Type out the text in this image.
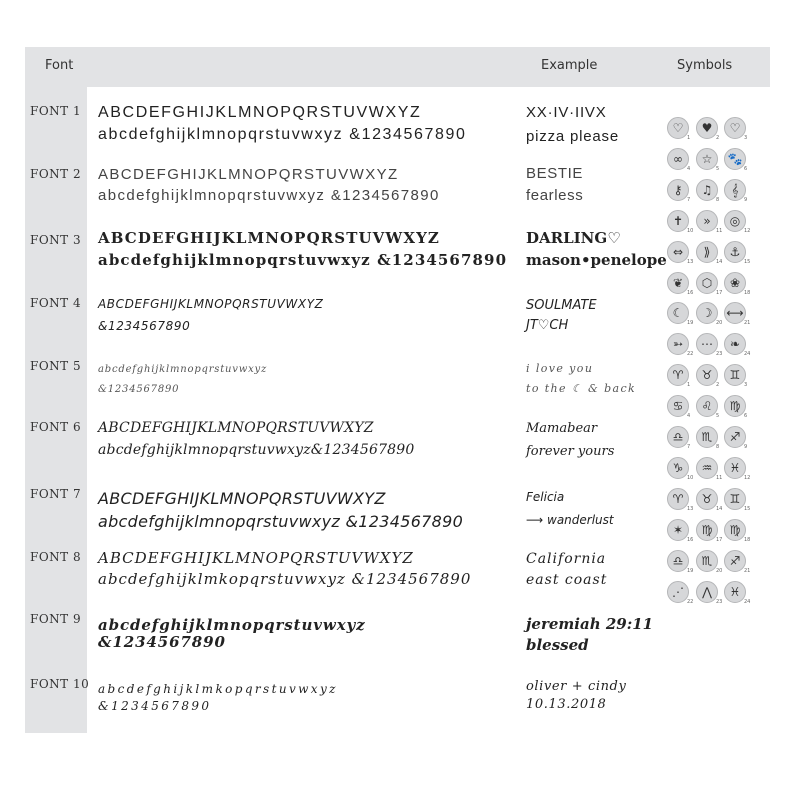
Font	Example	Symbols
FONT 1 ABCDEFGHIJKLMNOPQRSTUVWXYZ
abcdefghijklmnopqrstuvwxyz &1234567890
XX·IV·IIVX
pizza please
FONT 2 ABCDEFGHIJKLMNOPQRSTUVWXYZ
abcdefghijklmnopqrstuvwxyz &1234567890
BESTIE
fearless
FONT 3 ABCDEFGHIJKLMNOPQRSTUVWXYZ
abcdefghijklmnopqrstuvwxyz &1234567890
DARLING♡
mason•penelope
FONT 4 ABCDEFGHIJKLMNOPQRSTUVWXYZ
&1234567890
SOULMATE
JT♡CH
FONT 5 abcdefghijklmnopqrstuvwxyz
&1234567890
i love you
to the ☾ & back
FONT 6 ABCDEFGHIJKLMNOPQRSTUVWXYZ
abcdefghijklmnopqrstuvwxyz&1234567890
Mamabear
forever yours
FONT 7 ABCDEFGHIJKLMNOPQRSTUVWXYZ
abcdefghijklmnopqrstuvwxyz &1234567890
Felicia
⟶ wanderlust
FONT 8 ABCDEFGHIJKLMNOPQRSTUVWXYZ
abcdefghijklmkopqrstuvwxyz &1234567890
California
east coast
FONT 9 abcdefghijklmnopqrstuvwxyz
&1234567890
jeremiah 29:11
blessed
FONT 10 abcdefghijklmkopqrstuvwxyz
&1234567890
oliver + cindy
10.13.2018
♡
1
♥
2
♡
3
∞
4
☆
5
🐾
6
⚷
7
♫
8
𝄞
9
✝
10
»
11
◎
12
⇔
13
⟫
14
⚓
15
❦
16
⬡
17
❀
18
☾
19
☽
20
⟷
21
➳
22
⋯
23
❧
24
♈
1
♉
2
♊
3
♋
4
♌
5
♍
6
♎
7
♏
8
♐
9
♑
10
♒
11
♓
12
♈
13
♉
14
♊
15
✶
16
♍
17
♍
18
♎
19
♏
20
♐
21
⋰
22
⋀
23
♓
24
